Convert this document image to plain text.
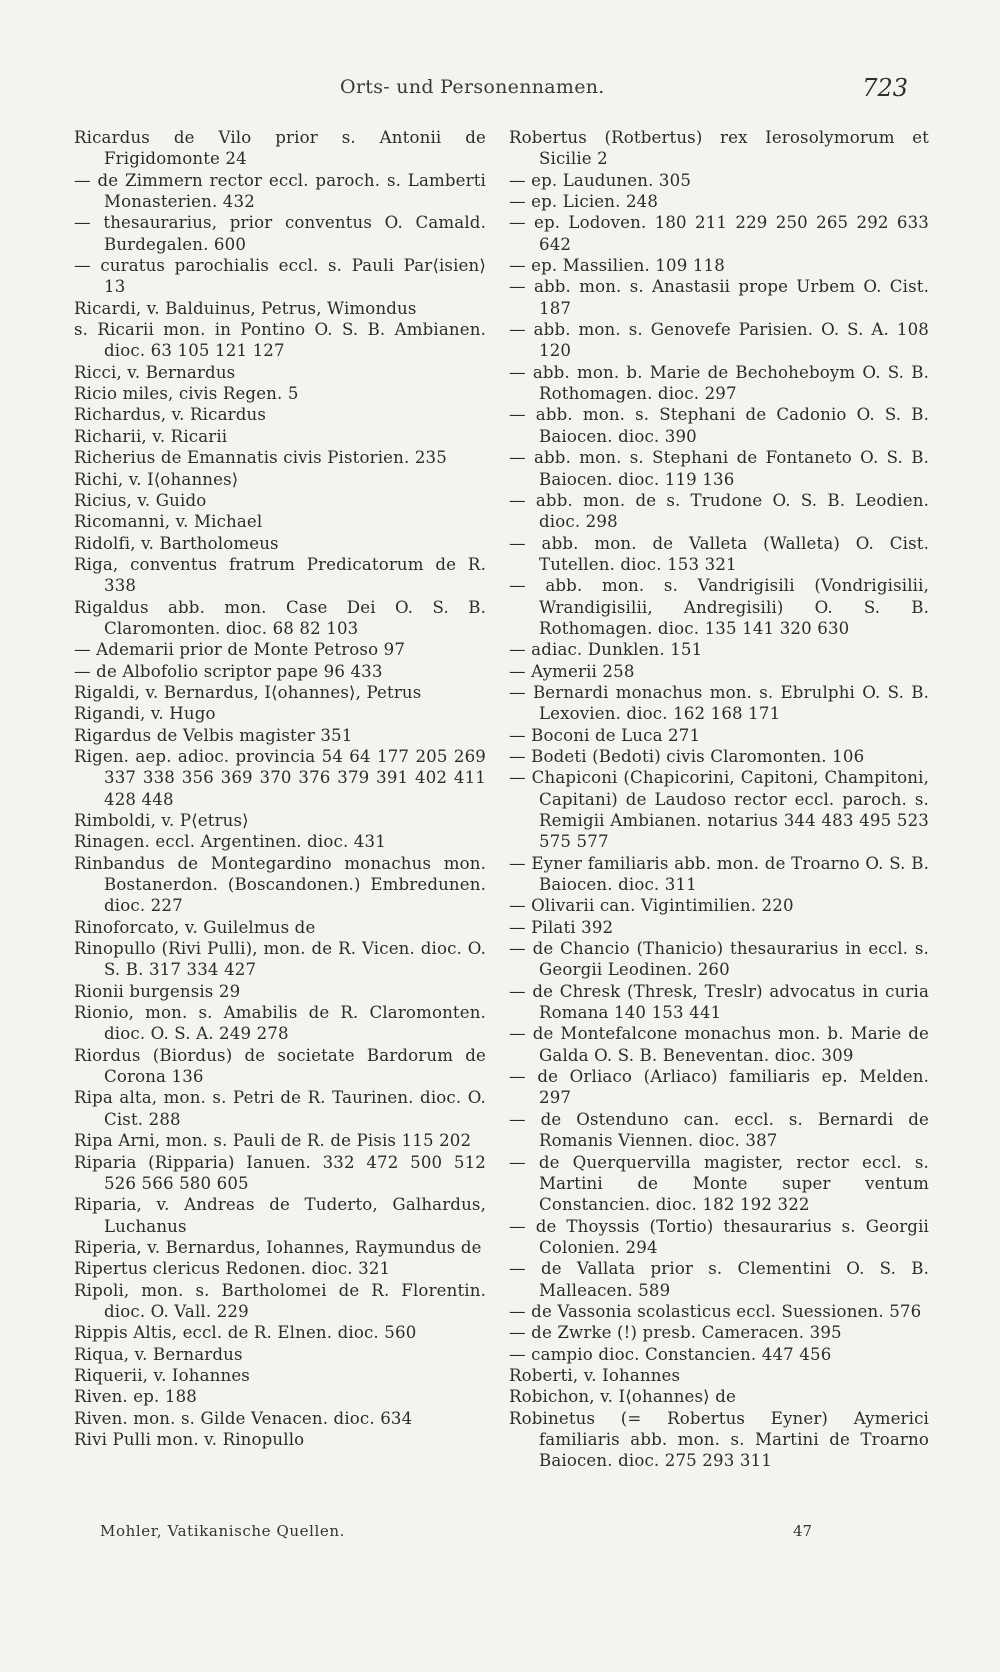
Orts- und Personennamen.	723
Ricardus de Vilo prior s. Antonii de Frigidomonte 24
— de Zimmern rector eccl. paroch. s. Lamberti Monasterien. 432
— thesaurarius, prior conventus O. Camald. Burdegalen. 600
— curatus parochialis eccl. s. Pauli Par⟨isien⟩ 13
Ricardi, v. Balduinus, Petrus, Wimondus
s. Ricarii mon. in Pontino O. S. B. Ambianen. dioc. 63 105 121 127
Ricci, v. Bernardus
Ricio miles, civis Regen. 5
Richardus, v. Ricardus
Richarii, v. Ricarii
Richerius de Emannatis civis Pistorien. 235
Richi, v. I⟨ohannes⟩
Ricius, v. Guido
Ricomanni, v. Michael
Ridolfi, v. Bartholomeus
Riga, conventus fratrum Predicatorum de R. 338
Rigaldus abb. mon. Case Dei O. S. B. Claromonten. dioc. 68 82 103
— Ademarii prior de Monte Petroso 97
— de Albofolio scriptor pape 96 433
Rigaldi, v. Bernardus, I⟨ohannes⟩, Petrus
Rigandi, v. Hugo
Rigardus de Velbis magister 351
Rigen. aep. adioc. provincia 54 64 177 205 269 337 338 356 369 370 376 379 391 402 411 428 448
Rimboldi, v. P⟨etrus⟩
Rinagen. eccl. Argentinen. dioc. 431
Rinbandus de Montegardino monachus mon. Bostanerdon. (Boscandonen.) Embredunen. dioc. 227
Rinoforcato, v. Guilelmus de
Rinopullo (Rivi Pulli), mon. de R. Vicen. dioc. O. S. B. 317 334 427
Rionii burgensis 29
Rionio, mon. s. Amabilis de R. Claromonten. dioc. O. S. A. 249 278
Riordus (Biordus) de societate Bardorum de Corona 136
Ripa alta, mon. s. Petri de R. Taurinen. dioc. O. Cist. 288
Ripa Arni, mon. s. Pauli de R. de Pisis 115 202
Riparia (Ripparia) Ianuen. 332 472 500 512 526 566 580 605
Riparia, v. Andreas de Tuderto, Galhardus, Luchanus
Riperia, v. Bernardus, Iohannes, Raymundus de
Ripertus clericus Redonen. dioc. 321
Ripoli, mon. s. Bartholomei de R. Florentin. dioc. O. Vall. 229
Rippis Altis, eccl. de R. Elnen. dioc. 560
Riqua, v. Bernardus
Riquerii, v. Iohannes
Riven. ep. 188
Riven. mon. s. Gilde Venacen. dioc. 634
Rivi Pulli mon. v. Rinopullo
Robertus (Rotbertus) rex Ierosolymorum et Sicilie 2
— ep. Laudunen. 305
— ep. Licien. 248
— ep. Lodoven. 180 211 229 250 265 292 633 642
— ep. Massilien. 109 118
— abb. mon. s. Anastasii prope Urbem O. Cist. 187
— abb. mon. s. Genovefe Parisien. O. S. A. 108 120
— abb. mon. b. Marie de Bechoheboym O. S. B. Rothomagen. dioc. 297
— abb. mon. s. Stephani de Cadonio O. S. B. Baiocen. dioc. 390
— abb. mon. s. Stephani de Fontaneto O. S. B. Baiocen. dioc. 119 136
— abb. mon. de s. Trudone O. S. B. Leodien. dioc. 298
— abb. mon. de Valleta (Walleta) O. Cist. Tutellen. dioc. 153 321
— abb. mon. s. Vandrigisili (Vondrigisilii, Wrandigisilii, Andregisili) O. S. B. Rothomagen. dioc. 135 141 320 630
— adiac. Dunklen. 151
— Aymerii 258
— Bernardi monachus mon. s. Ebrulphi O. S. B. Lexovien. dioc. 162 168 171
— Boconi de Luca 271
— Bodeti (Bedoti) civis Claromonten. 106
— Chapiconi (Chapicorini, Capitoni, Champitoni, Capitani) de Laudoso rector eccl. paroch. s. Remigii Ambianen. notarius 344 483 495 523 575 577
— Eyner familiaris abb. mon. de Troarno O. S. B. Baiocen. dioc. 311
— Olivarii can. Vigintimilien. 220
— Pilati 392
— de Chancio (Thanicio) thesaurarius in eccl. s. Georgii Leodinen. 260
— de Chresk (Thresk, Treslr) advocatus in curia Romana 140 153 441
— de Montefalcone monachus mon. b. Marie de Galda O. S. B. Beneventan. dioc. 309
— de Orliaco (Arliaco) familiaris ep. Melden. 297
— de Ostenduno can. eccl. s. Bernardi de Romanis Viennen. dioc. 387
— de Querquervilla magister, rector eccl. s. Martini de Monte super ventum Constancien. dioc. 182 192 322
— de Thoyssis (Tortio) thesaurarius s. Georgii Colonien. 294
— de Vallata prior s. Clementini O. S. B. Malleacen. 589
— de Vassonia scolasticus eccl. Suessionen. 576
— de Zwrke (!) presb. Cameracen. 395
— campio dioc. Constancien. 447 456
Roberti, v. Iohannes
Robichon, v. I⟨ohannes⟩ de
Robinetus (= Robertus Eyner) Aymerici familiaris abb. mon. s. Martini de Troarno Baiocen. dioc. 275 293 311
Mohler, Vatikanische Quellen.	47
